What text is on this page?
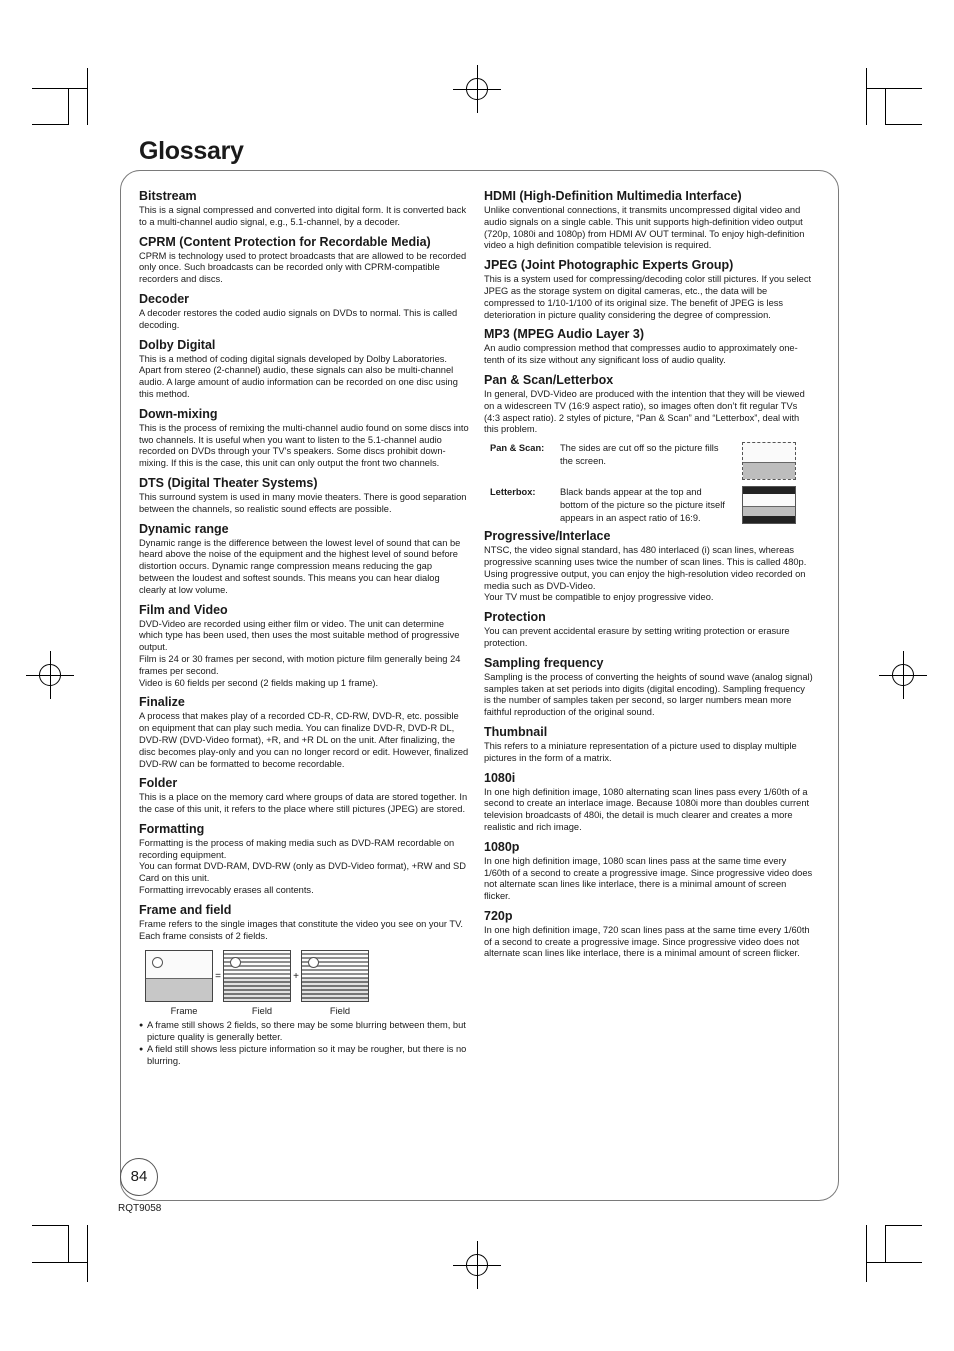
Glossary
Bitstream

This is a signal compressed and converted into digital form. It is converted back to a multi-channel audio signal, e.g., 5.1-channel, by a decoder.

CPRM (Content Protection for Recordable Media)

CPRM is technology used to protect broadcasts that are allowed to be recorded only once. Such broadcasts can be recorded only with CPRM-compatible recorders and discs.

Decoder

A decoder restores the coded audio signals on DVDs to normal. This is called decoding.

Dolby Digital

This is a method of coding digital signals developed by Dolby Laboratories. Apart from stereo (2-channel) audio, these signals can also be multi-channel audio. A large amount of audio information can be recorded on one disc using this method.

Down-mixing

This is the process of remixing the multi-channel audio found on some discs into two channels. It is useful when you want to listen to the 5.1-channel audio recorded on DVDs through your TV’s speakers. Some discs prohibit down-mixing. If this is the case, this unit can only output the front two channels.

DTS (Digital Theater Systems)

This surround system is used in many movie theaters. There is good separation between the channels, so realistic sound effects are possible.

Dynamic range

Dynamic range is the difference between the lowest level of sound that can be heard above the noise of the equipment and the highest level of sound before distortion occurs. Dynamic range compression means reducing the gap between the loudest and softest sounds. This means you can hear dialog clearly at low volume.

Film and Video

DVD-Video are recorded using either film or video. The unit can determine which type has been used, then uses the most suitable method of progressive output.
Film is 24 or 30 frames per second, with motion picture film generally being 24 frames per second.
Video is 60 fields per second (2 fields making up 1 frame).

Finalize

A process that makes play of a recorded CD-R, CD-RW, DVD-R, etc. possible on equipment that can play such media. You can finalize DVD-R, DVD-R DL, DVD-RW (DVD-Video format), +R, and +R DL on the unit. After finalizing, the disc becomes play-only and you can no longer record or edit. However, finalized DVD-RW can be formatted to become recordable.

Folder

This is a place on the memory card where groups of data are stored together. In the case of this unit, it refers to the place where still pictures (JPEG) are stored.

Formatting

Formatting is the process of making media such as DVD-RAM recordable on recording equipment.
You can format DVD-RAM, DVD-RW (only as DVD-Video format), +RW and SD Card on this unit.
Formatting irrevocably erases all contents.

Frame and field

Frame refers to the single images that constitute the video you see on your TV. Each frame consists of 2 fields.

=	+
Frame	Field	Field
● A frame still shows 2 fields, so there may be some blurring between them, but picture quality is generally better.
● A field still shows less picture information so it may be rougher, but there is no blurring.
HDMI (High-Definition Multimedia Interface)

Unlike conventional connections, it transmits uncompressed digital video and audio signals on a single cable. This unit supports high-definition video output (720p, 1080i and 1080p) from HDMI AV OUT terminal. To enjoy high-definition video a high definition compatible television is required.

JPEG (Joint Photographic Experts Group)

This is a system used for compressing/decoding color still pictures. If you select JPEG as the storage system on digital cameras, etc., the data will be compressed to 1/10-1/100 of its original size. The benefit of JPEG is less deterioration in picture quality considering the degree of compression.

MP3 (MPEG Audio Layer 3)

An audio compression method that compresses audio to approximately one-tenth of its size without any significant loss of audio quality.

Pan & Scan/Letterbox

In general, DVD-Video are produced with the intention that they will be viewed on a widescreen TV (16:9 aspect ratio), so images often don’t fit regular TVs (4:3 aspect ratio). 2 styles of picture, “Pan & Scan” and “Letterbox”, deal with this problem.

Pan & Scan:	The sides are cut off so the picture fills the screen.
Letterbox:	Black bands appear at the top and bottom of the picture so the picture itself appears in an aspect ratio of 16:9.
Progressive/Interlace

NTSC, the video signal standard, has 480 interlaced (i) scan lines, whereas progressive scanning uses twice the number of scan lines. This is called 480p.
Using progressive output, you can enjoy the high-resolution video recorded on media such as DVD-Video.
Your TV must be compatible to enjoy progressive video.

Protection

You can prevent accidental erasure by setting writing protection or erasure protection.

Sampling frequency

Sampling is the process of converting the heights of sound wave (analog signal) samples taken at set periods into digits (digital encoding). Sampling frequency is the number of samples taken per second, so larger numbers mean more faithful reproduction of the original sound.

Thumbnail

This refers to a miniature representation of a picture used to display multiple pictures in the form of a matrix.

1080i

In one high definition image, 1080 alternating scan lines pass every 1/60th of a second to create an interlace image. Because 1080i more than doubles current television broadcasts of 480i, the detail is much clearer and creates a more realistic and rich image.

1080p

In one high definition image, 1080 scan lines pass at the same time every 1/60th of a second to create a progressive image. Since progressive video does not alternate scan lines like interlace, there is a minimal amount of screen flicker.

720p

In one high definition image, 720 scan lines pass at the same time every 1/60th of a second to create a progressive image. Since progressive video does not alternate scan lines like interlace, there is a minimal amount of screen flicker.

84
RQT9058
